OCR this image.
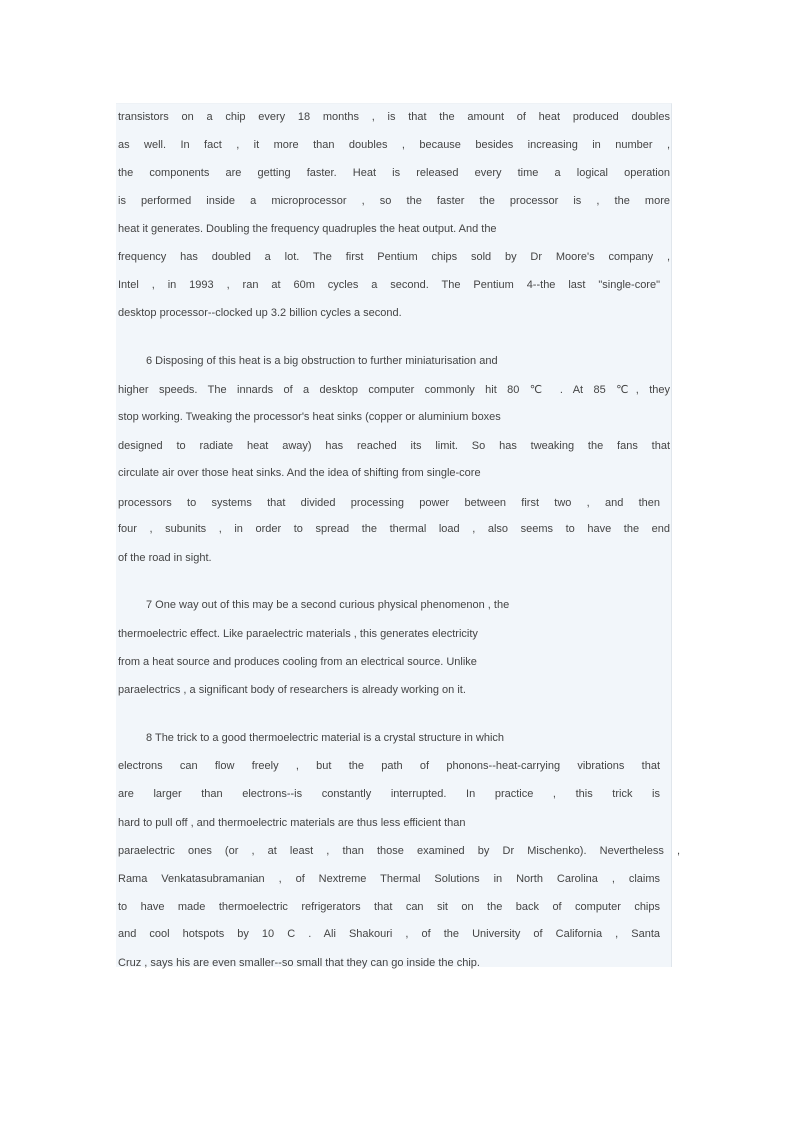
transistors on a chip every 18 months , is that the amount of heat produced doubles
as well. In fact , it more than doubles , because besides increasing in number ,
the components are getting faster. Heat is released every time a logical operation
is performed inside a microprocessor , so the faster the processor is , the more
heat it generates. Doubling the frequency quadruples the heat output. And the
frequency has doubled a lot. The first Pentium chips sold by Dr Moore's company ,
Intel , in 1993 , ran at 60m cycles a second. The Pentium 4--the last "single-core"
desktop processor--clocked up 3.2 billion cycles a second.
6 Disposing of this heat is a big obstruction to further miniaturisation and
higher speeds. The innards of a desktop computer commonly hit 80 ℃ . At 85 ℃, they
stop working. Tweaking the processor's heat sinks (copper or aluminium boxes
designed to radiate heat away) has reached its limit. So has tweaking the fans that
circulate air over those heat sinks. And the idea of shifting from single-core
processors to systems that divided processing power between first two , and then
four , subunits , in order to spread the thermal load , also seems to have the end
of the road in sight.
7 One way out of this may be a second curious physical phenomenon , the
thermoelectric effect. Like paraelectric materials , this generates electricity
from a heat source and produces cooling from an electrical source. Unlike
paraelectrics , a significant body of researchers is already working on it.
8 The trick to a good thermoelectric material is a crystal structure in which
electrons can flow freely , but the path of phonons--heat-carrying vibrations that
are larger than electrons--is constantly interrupted. In practice , this trick is
hard to pull off , and thermoelectric materials are thus less efficient than
paraelectric ones (or , at least , than those examined by Dr Mischenko). Nevertheless ,
Rama Venkatasubramanian , of Nextreme Thermal Solutions in North Carolina , claims
to have made thermoelectric refrigerators that can sit on the back of computer chips
and cool hotspots by 10 C . Ali Shakouri , of the University of California , Santa
Cruz , says his are even smaller--so small that they can go inside the chip.
